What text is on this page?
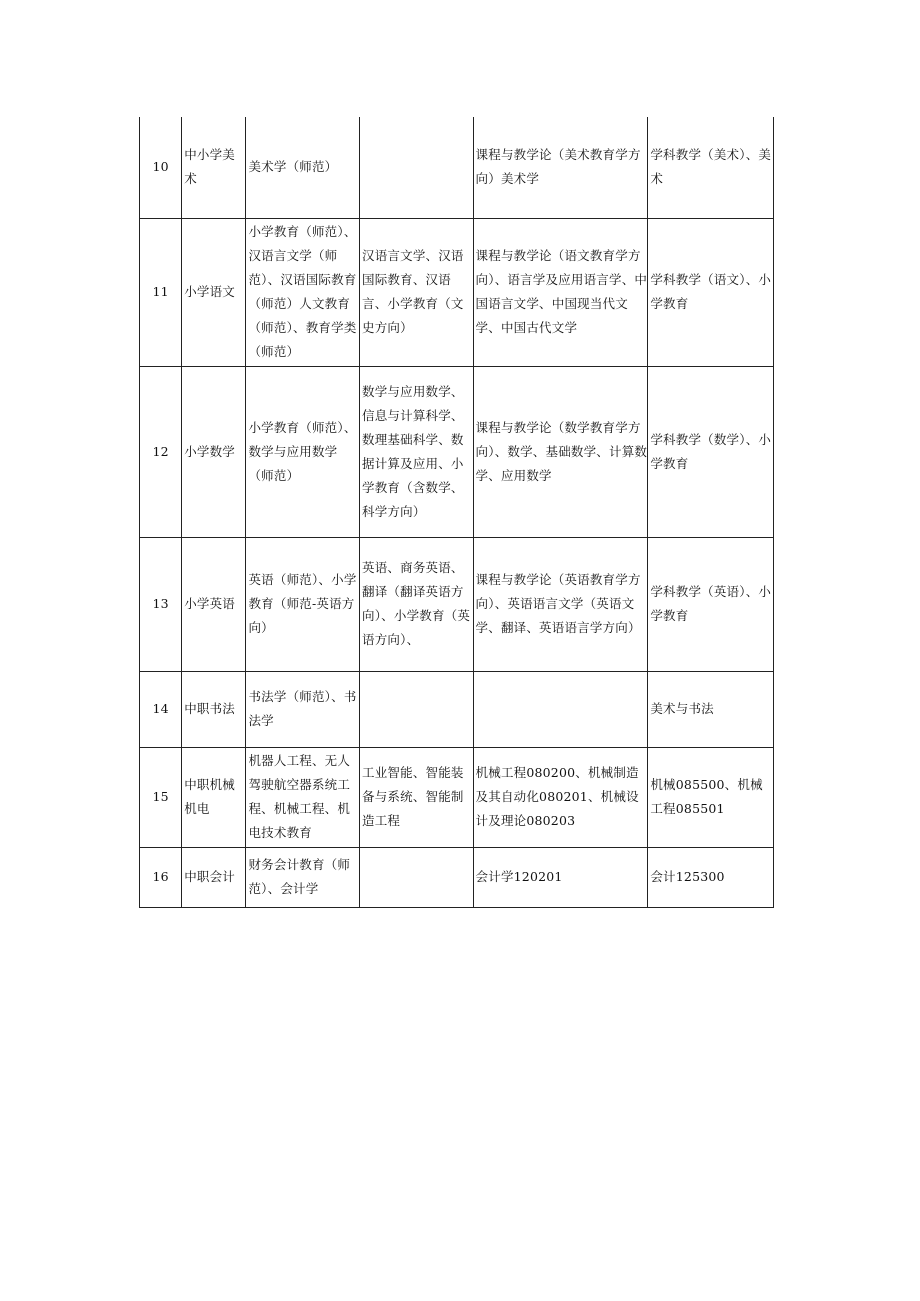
10	中小学美术	美术学（师范）		课程与教学论（美术教育学方向）美术学	学科教学（美术）、美术
11	小学语文	小学教育（师范）、汉语言文学（师范）、汉语国际教育（师范）人文教育（师范）、教育学类（师范）	汉语言文学、汉语国际教育、汉语言、小学教育（文史方向）	课程与教学论（语文教育学方向）、语言学及应用语言学、中国语言文学、中国现当代文学、中国古代文学	学科教学（语文）、小学教育
12	小学数学	小学教育（师范）、数学与应用数学（师范）	数学与应用数学、信息与计算科学、数理基础科学、数据计算及应用、小学教育（含数学、科学方向）	课程与教学论（数学教育学方向）、数学、基础数学、计算数学、应用数学	学科教学（数学）、小学教育
13	小学英语	英语（师范）、小学教育（师范-英语方向）	英语、商务英语、翻译（翻译英语方向）、小学教育（英语方向）、	课程与教学论（英语教育学方向）、英语语言文学（英语文学、翻译、英语语言学方向）	学科教学（英语）、小学教育
14	中职书法	书法学（师范）、书法学			美术与书法
15	中职机械机电	机器人工程、无人驾驶航空器系统工程、机械工程、机电技术教育	工业智能、智能装备与系统、智能制造工程	机械工程080200、机械制造及其自动化080201、机械设计及理论080203	机械085500、机械工程085501
16	中职会计	财务会计教育（师范）、会计学		会计学120201	会计125300
